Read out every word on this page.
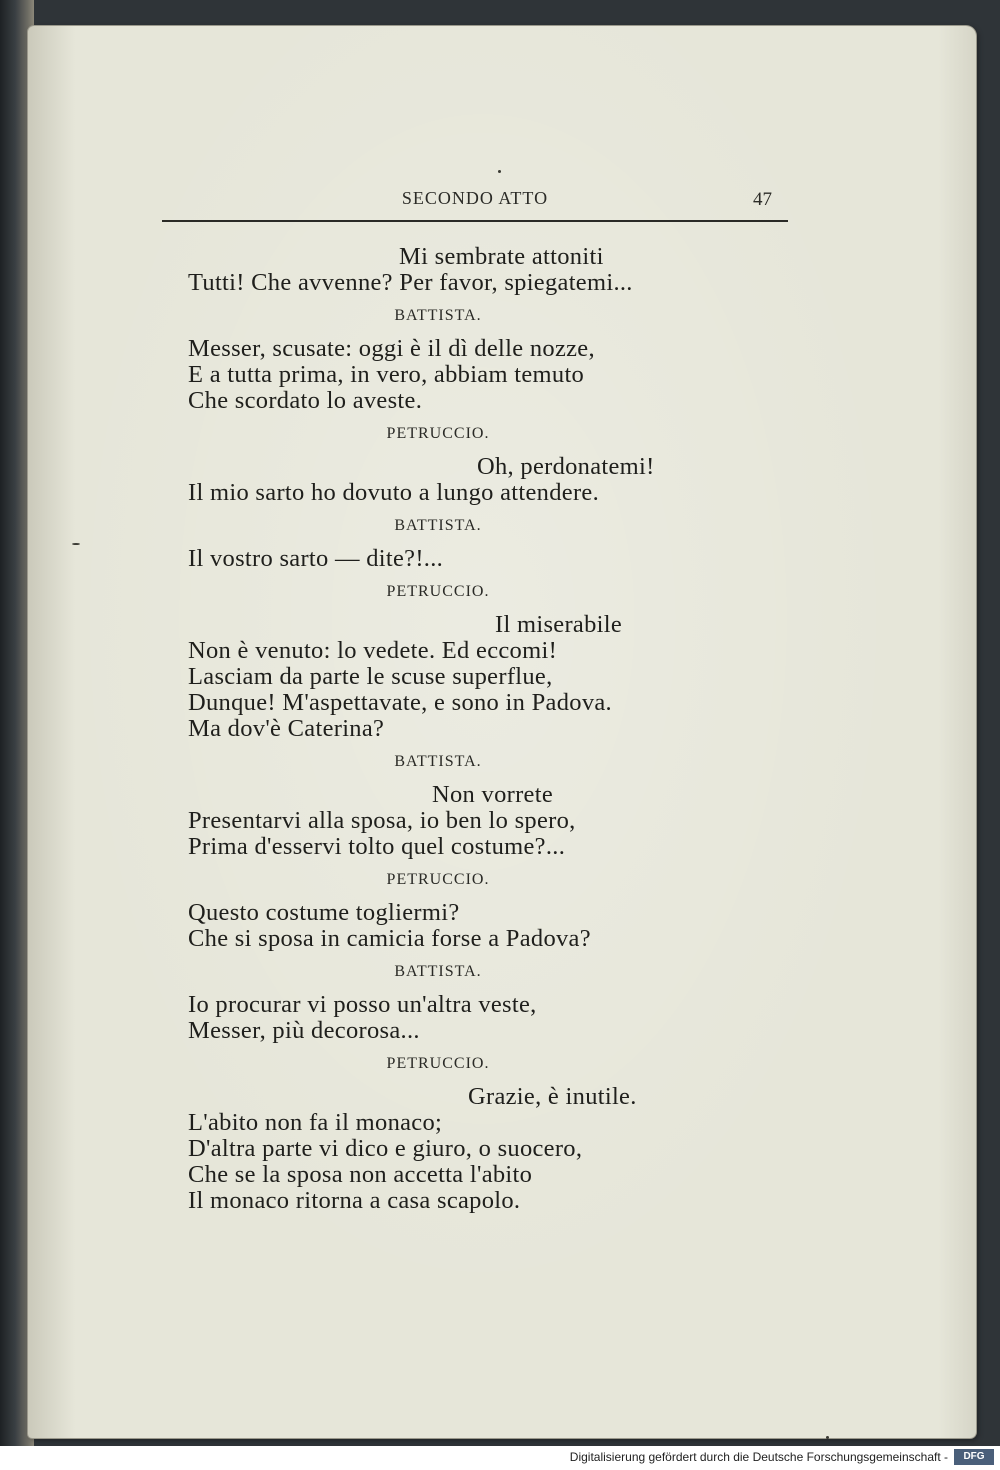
SECONDO ATTO	47
Mi sembrate attoniti
Tutti! Che avvenne? Per favor, spiegatemi...
BATTISTA.
Messer, scusate: oggi è il dì delle nozze,
E a tutta prima, in vero, abbiam temuto
Che scordato lo aveste.
PETRUCCIO.
Oh, perdonatemi!
Il mio sarto ho dovuto a lungo attendere.
BATTISTA.
Il vostro sarto — dite?!...
PETRUCCIO.
Il miserabile
Non è venuto: lo vedete. Ed eccomi!
Lasciam da parte le scuse superflue,
Dunque! M'aspettavate, e sono in Padova.
Ma dov'è Caterina?
BATTISTA.
Non vorrete
Presentarvi alla sposa, io ben lo spero,
Prima d'esservi tolto quel costume?...
PETRUCCIO.
Questo costume togliermi?
Che si sposa in camicia forse a Padova?
BATTISTA.
Io procurar vi posso un'altra veste,
Messer, più decorosa...
PETRUCCIO.
Grazie, è inutile.
L'abito non fa il monaco;
D'altra parte vi dico e giuro, o suocero,
Che se la sposa non accetta l'abito
Il monaco ritorna a casa scapolo.
Digitalisierung gefördert durch die Deutsche Forschungsgemeinschaft -	DFG
